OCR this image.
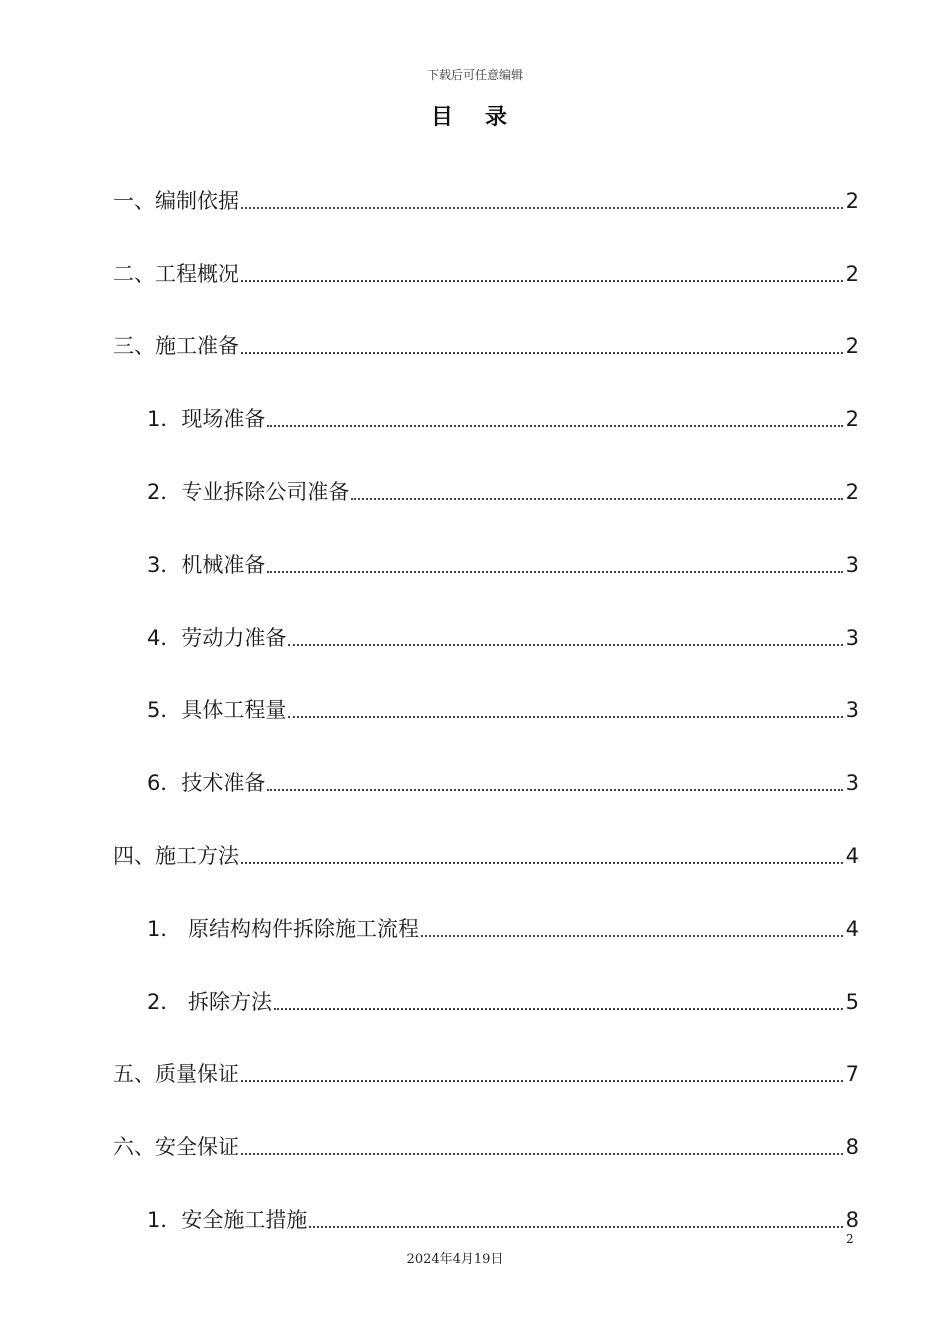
下载后可任意编辑
目录
一、编制依据	2
二、工程概况	2
三、施工准备	2
1．现场准备	2
2．专业拆除公司准备	2
3．机械准备	3
4．劳动力准备	3
5．具体工程量	3
6．技术准备	3
四、施工方法	4
1． 原结构构件拆除施工流程	4
2． 拆除方法	5
五、质量保证	7
六、安全保证	8
1．安全施工措施	8
2
2024年4月19日
